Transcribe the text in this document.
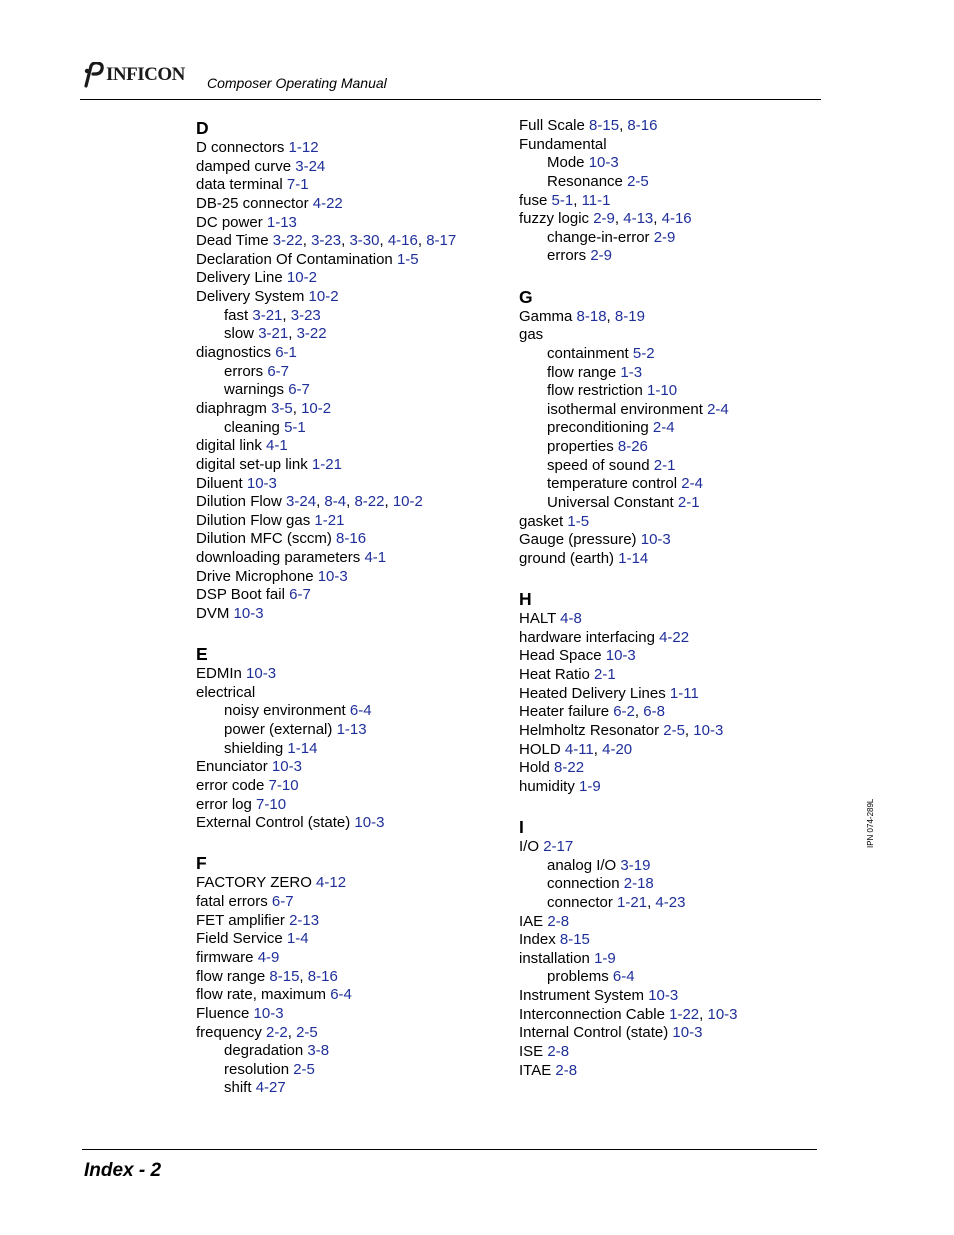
INFICON Composer Operating Manual
D
D connectors 1-12
damped curve 3-24
data terminal 7-1
DB-25 connector 4-22
DC power 1-13
Dead Time 3-22, 3-23, 3-30, 4-16, 8-17
Declaration Of Contamination 1-5
Delivery Line 10-2
Delivery System 10-2
fast 3-21, 3-23
slow 3-21, 3-22
diagnostics 6-1
errors 6-7
warnings 6-7
diaphragm 3-5, 10-2
cleaning 5-1
digital link 4-1
digital set-up link 1-21
Diluent 10-3
Dilution Flow 3-24, 8-4, 8-22, 10-2
Dilution Flow gas 1-21
Dilution MFC (sccm) 8-16
downloading parameters 4-1
Drive Microphone 10-3
DSP Boot fail 6-7
DVM 10-3
E
EDMIn 10-3
electrical
noisy environment 6-4
power (external) 1-13
shielding 1-14
Enunciator 10-3
error code 7-10
error log 7-10
External Control (state) 10-3
F
FACTORY ZERO 4-12
fatal errors 6-7
FET amplifier 2-13
Field Service 1-4
firmware 4-9
flow range 8-15, 8-16
flow rate, maximum 6-4
Fluence 10-3
frequency 2-2, 2-5
degradation 3-8
resolution 2-5
shift 4-27
Full Scale 8-15, 8-16
Fundamental
Mode 10-3
Resonance 2-5
fuse 5-1, 11-1
fuzzy logic 2-9, 4-13, 4-16
change-in-error 2-9
errors 2-9
G
Gamma 8-18, 8-19
gas
containment 5-2
flow range 1-3
flow restriction 1-10
isothermal environment 2-4
preconditioning 2-4
properties 8-26
speed of sound 2-1
temperature control 2-4
Universal Constant 2-1
gasket 1-5
Gauge (pressure) 10-3
ground (earth) 1-14
H
HALT 4-8
hardware interfacing 4-22
Head Space 10-3
Heat Ratio 2-1
Heated Delivery Lines 1-11
Heater failure 6-2, 6-8
Helmholtz Resonator 2-5, 10-3
HOLD 4-11, 4-20
Hold 8-22
humidity 1-9
I
I/O 2-17
analog I/O 3-19
connection 2-18
connector 1-21, 4-23
IAE 2-8
Index 8-15
installation 1-9
problems 6-4
Instrument System 10-3
Interconnection Cable 1-22, 10-3
Internal Control (state) 10-3
ISE 2-8
ITAE 2-8
IPN 074-289L
Index - 2
